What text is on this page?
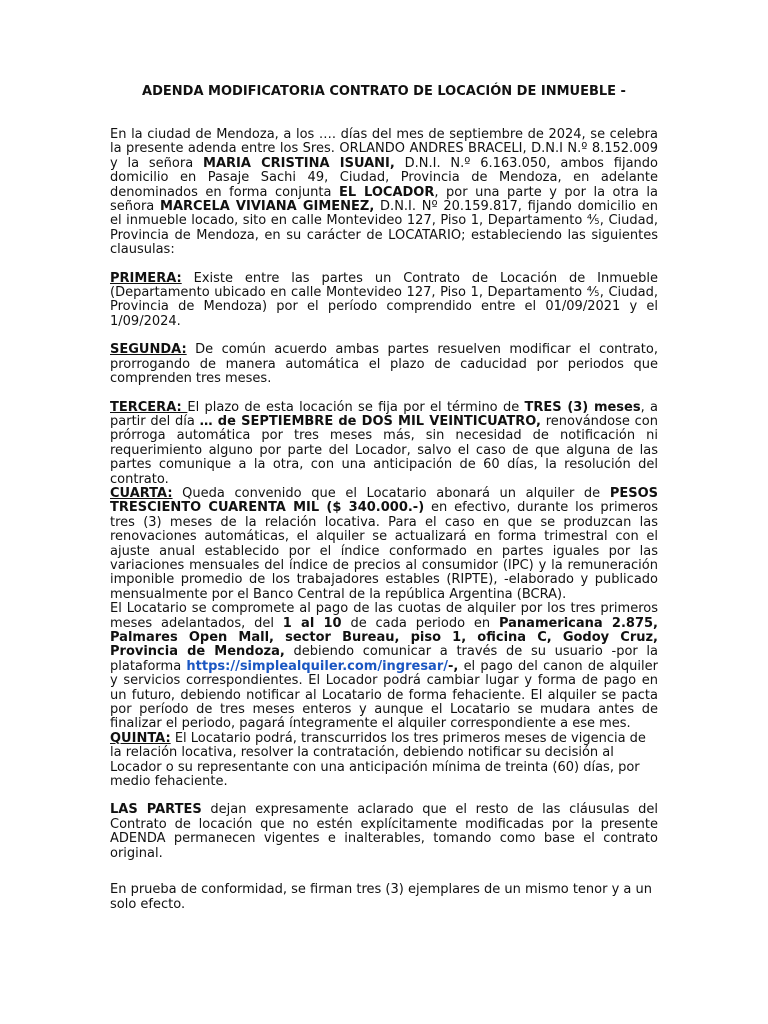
ADENDA MODIFICATORIA CONTRATO DE LOCACIÓN DE INMUEBLE -

En la ciudad de Mendoza, a los …. días del mes de septiembre de 2024, se celebra la presente adenda entre los Sres. ORLANDO ANDRES BRACELI, D.N.I N.º 8.152.009 y la señora MARIA CRISTINA ISUANI, D.N.I. N.º 6.163.050, ambos fijando domicilio en Pasaje Sachi 49, Ciudad, Provincia de Mendoza, en adelante denominados en forma conjunta EL LOCADOR, por una parte y por la otra la señora MARCELA VIVIANA GIMENEZ, D.N.I. Nº 20.159.817, fijando domicilio en el inmueble locado, sito en calle Montevideo 127, Piso 1, Departamento ⅘, Ciudad, Provincia de Mendoza, en su carácter de LOCATARIO; estableciendo las siguientes clausulas:

PRIMERA: Existe entre las partes un Contrato de Locación de Inmueble (Departamento ubicado en calle Montevideo 127, Piso 1, Departamento ⅘, Ciudad, Provincia de Mendoza) por el período comprendido entre el 01/09/2021 y el 1/09/2024.

SEGUNDA: De común acuerdo ambas partes resuelven modificar el contrato, prorrogando de manera automática el plazo de caducidad por periodos que comprenden tres meses.

TERCERA: El plazo de esta locación se fija por el término de TRES (3) meses, a partir del día … de SEPTIEMBRE de DOS MIL VEINTICUATRO, renovándose con prórroga automática por tres meses más, sin necesidad de notificación ni requerimiento alguno por parte del Locador, salvo el caso de que alguna de las partes comunique a la otra, con una anticipación de 60 días, la resolución del contrato.

CUARTA: Queda convenido que el Locatario abonará un alquiler de PESOS TRESCIENTO CUARENTA MIL ($ 340.000.-) en efectivo, durante los primeros tres (3) meses de la relación locativa. Para el caso en que se produzcan las renovaciones automáticas, el alquiler se actualizará en forma trimestral con el ajuste anual establecido por el índice conformado en partes iguales por las variaciones mensuales del índice de precios al consumidor (IPC) y la remuneración imponible promedio de los trabajadores estables (RIPTE), -elaborado y publicado mensualmente por el Banco Central de la república Argentina (BCRA).

El Locatario se compromete al pago de las cuotas de alquiler por los tres primeros meses adelantados, del 1 al 10 de cada periodo en Panamericana 2.875, Palmares Open Mall, sector Bureau, piso 1, oficina C, Godoy Cruz, Provincia de Mendoza, debiendo comunicar a través de su usuario -por la plataforma https://simplealquiler.com/ingresar/-, el pago del canon de alquiler y servicios correspondientes. El Locador podrá cambiar lugar y forma de pago en un futuro, debiendo notificar al Locatario de forma fehaciente. El alquiler se pacta por período de tres meses enteros y aunque el Locatario se mudara antes de finalizar el periodo, pagará íntegramente el alquiler correspondiente a ese mes.

QUINTA: El Locatario podrá, transcurridos los tres primeros meses de vigencia de la relación locativa, resolver la contratación, debiendo notificar su decisión al Locador o su representante con una anticipación mínima de treinta (60) días, por medio fehaciente.

LAS PARTES dejan expresamente aclarado que el resto de las cláusulas del Contrato de locación que no estén explícitamente modificadas por la presente ADENDA permanecen vigentes e inalterables, tomando como base el contrato original.

En prueba de conformidad, se firman tres (3) ejemplares de un mismo tenor y a un solo efecto.
